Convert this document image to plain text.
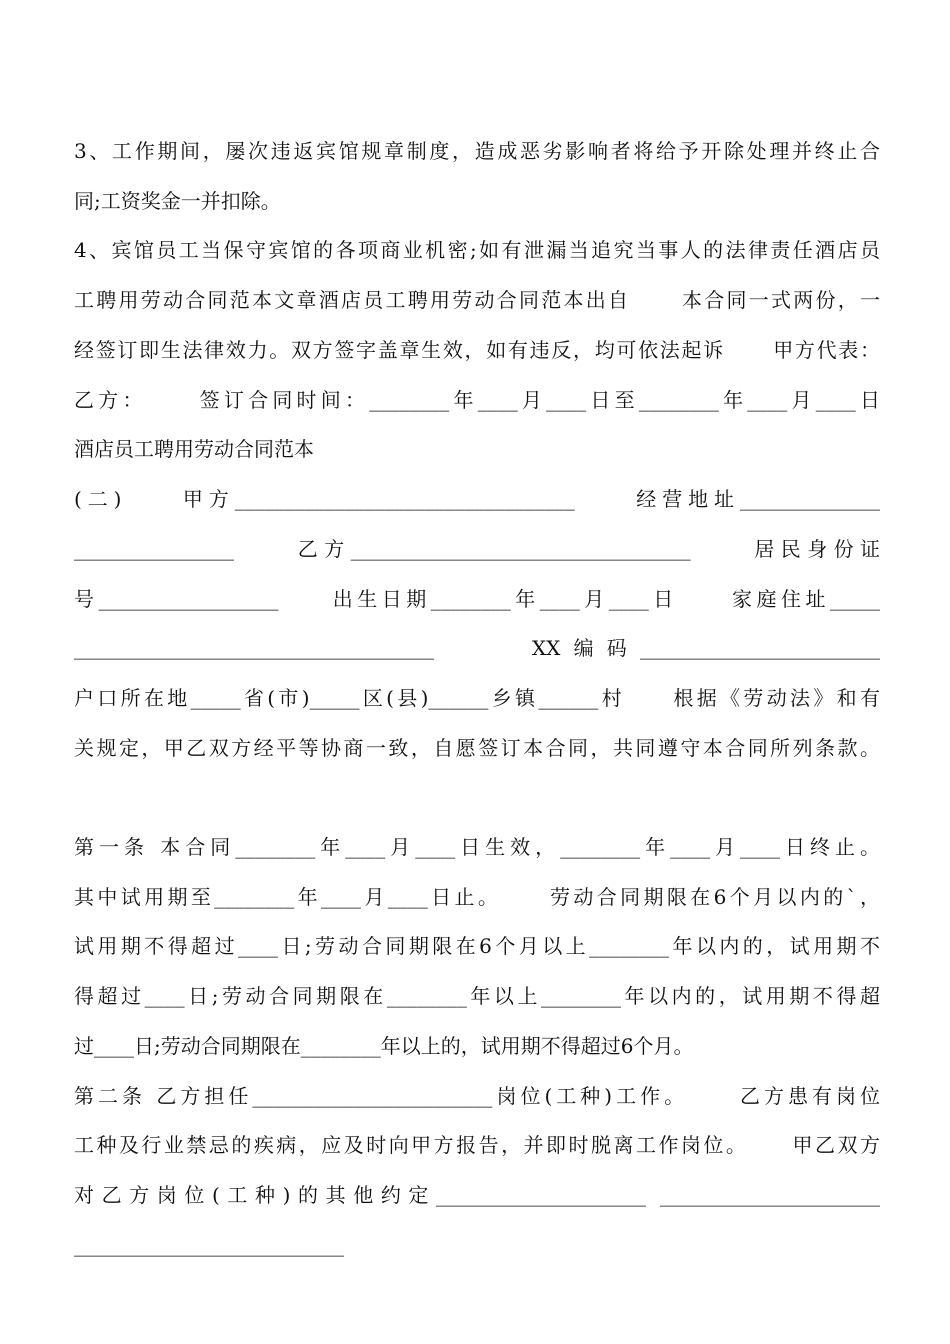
3、工作期间，屡次违返宾馆规章制度，造成恶劣影响者将给予开除处理并终止合
同;工资奖金一并扣除。
4、宾馆员工当保守宾馆的各项商业机密;如有泄漏当追究当事人的法律责任酒店员
工聘用劳动合同范本文章酒店员工聘用劳动合同范本出自      本合同一式两份，一
经签订即生法律效力。双方签字盖章生效，如有违反，均可依法起诉      甲方代表：
乙方：     签订合同时间：________年____月____日至________年____月____日
酒店员工聘用劳动合同范本
(二)     甲方__________________________________     经营地址______________
________________     乙方__________________________________     居民身份证
号__________________     出生日期________年____月____日     家庭住址_____
____________________________________     XX编码________________________
户口所在地_____省(市)_____区(县)______乡镇______村     根据《劳动法》和有
关规定，甲乙双方经平等协商一致，自愿签订本合同，共同遵守本合同所列条款。
第一条 本合同________年____月____日生效，________年____月____日终止。
其中试用期至________年____月____日止。     劳动合同期限在6个月以内的`，
试用期不得超过____日;劳动合同期限在6个月以上________年以内的，试用期不
得超过____日;劳动合同期限在________年以上________年以内的，试用期不得超
过____日;劳动合同期限在________年以上的，试用期不得超过6个月。
第二条 乙方担任________________________岗位(工种)工作。     乙方患有岗位
工种及行业禁忌的疾病，应及时向甲方报告，并即时脱离工作岗位。     甲乙双方
对乙方岗位(工种)的其他约定_____________________ ______________________
___________________________
